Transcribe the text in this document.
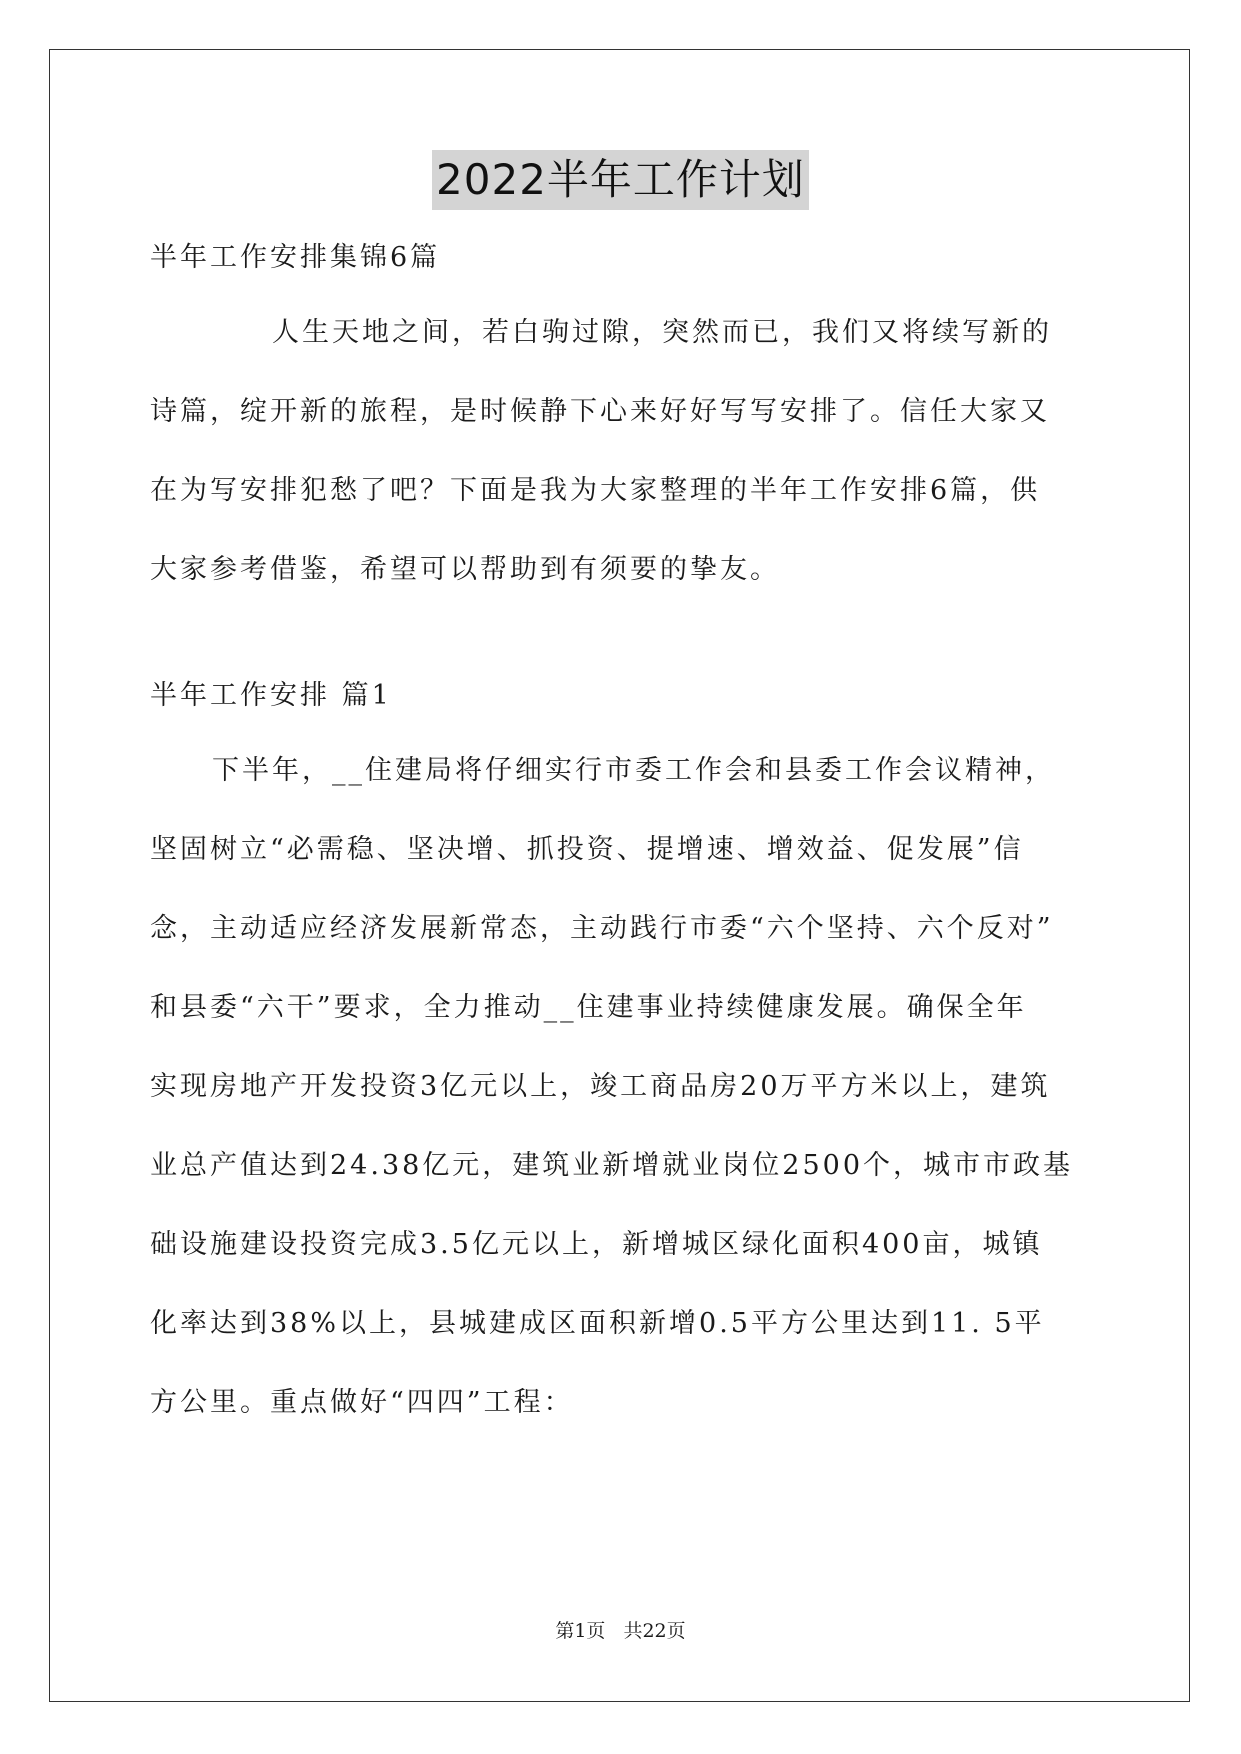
2022半年工作计划
半年工作安排集锦6篇
人生天地之间，若白驹过隙，突然而已，我们又将续写新的
诗篇，绽开新的旅程，是时候静下心来好好写写安排了。信任大家又
在为写安排犯愁了吧？下面是我为大家整理的半年工作安排6篇，供
大家参考借鉴，希望可以帮助到有须要的挚友。
半年工作安排 篇1
下半年，__住建局将仔细实行市委工作会和县委工作会议精神，
坚固树立“必需稳、坚决增、抓投资、提增速、增效益、促发展”信
念，主动适应经济发展新常态，主动践行市委“六个坚持、六个反对”
和县委“六干”要求，全力推动__住建事业持续健康发展。确保全年
实现房地产开发投资3亿元以上，竣工商品房20万平方米以上，建筑
业总产值达到24.38亿元，建筑业新增就业岗位2500个，城市市政基
础设施建设投资完成3.5亿元以上，新增城区绿化面积400亩，城镇
化率达到38%以上，县城建成区面积新增0.5平方公里达到11. 5平
方公里。重点做好“四四”工程：
第1页 共22页
